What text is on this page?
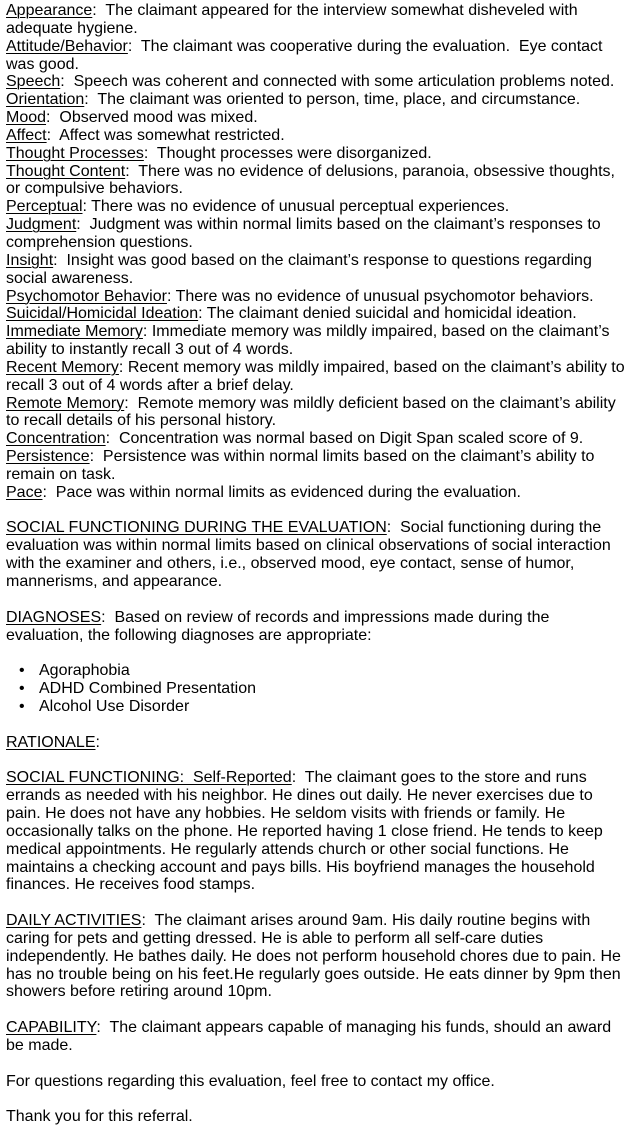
Appearance:  The claimant appeared for the interview somewhat disheveled with adequate hygiene.

Attitude/Behavior:  The claimant was cooperative during the evaluation.  Eye contact was good.

Speech:  Speech was coherent and connected with some articulation problems noted.

Orientation:  The claimant was oriented to person, time, place, and circumstance.

Mood:  Observed mood was mixed.

Affect:  Affect was somewhat restricted.

Thought Processes:  Thought processes were disorganized.

Thought Content:  There was no evidence of delusions, paranoia, obsessive thoughts, or compulsive behaviors.

Perceptual: There was no evidence of unusual perceptual experiences.

Judgment:  Judgment was within normal limits based on the claimant’s responses to comprehension questions.

Insight:  Insight was good based on the claimant’s response to questions regarding social awareness.

Psychomotor Behavior: There was no evidence of unusual psychomotor behaviors.

Suicidal/Homicidal Ideation: The claimant denied suicidal and homicidal ideation.

Immediate Memory: Immediate memory was mildly impaired, based on the claimant’s ability to instantly recall 3 out of 4 words.

Recent Memory: Recent memory was mildly impaired, based on the claimant’s ability to recall 3 out of 4 words after a brief delay.

Remote Memory:  Remote memory was mildly deficient based on the claimant’s ability to recall details of his personal history.

Concentration:  Concentration was normal based on Digit Span scaled score of 9.

Persistence:  Persistence was within normal limits based on the claimant’s ability to remain on task.

Pace:  Pace was within normal limits as evidenced during the evaluation.

SOCIAL FUNCTIONING DURING THE EVALUATION:  Social functioning during the evaluation was within normal limits based on clinical observations of social interaction with the examiner and others, i.e., observed mood, eye contact, sense of humor, mannerisms, and appearance.

DIAGNOSES:  Based on review of records and impressions made during the evaluation, the following diagnoses are appropriate:

• Agoraphobia
• ADHD Combined Presentation
• Alcohol Use Disorder

RATIONALE:

SOCIAL FUNCTIONING:  Self-Reported:  The claimant goes to the store and runs errands as needed with his neighbor. He dines out daily. He never exercises due to pain. He does not have any hobbies. He seldom visits with friends or family. He occasionally talks on the phone. He reported having 1 close friend. He tends to keep medical appointments. He regularly attends church or other social functions. He maintains a checking account and pays bills. His boyfriend manages the household finances. He receives food stamps.

DAILY ACTIVITIES:  The claimant arises around 9am. His daily routine begins with caring for pets and getting dressed. He is able to perform all self-care duties independently. He bathes daily. He does not perform household chores due to pain. He has no trouble being on his feet.He regularly goes outside. He eats dinner by 9pm then showers before retiring around 10pm.

CAPABILITY:  The claimant appears capable of managing his funds, should an award be made.

For questions regarding this evaluation, feel free to contact my office.

Thank you for this referral.
